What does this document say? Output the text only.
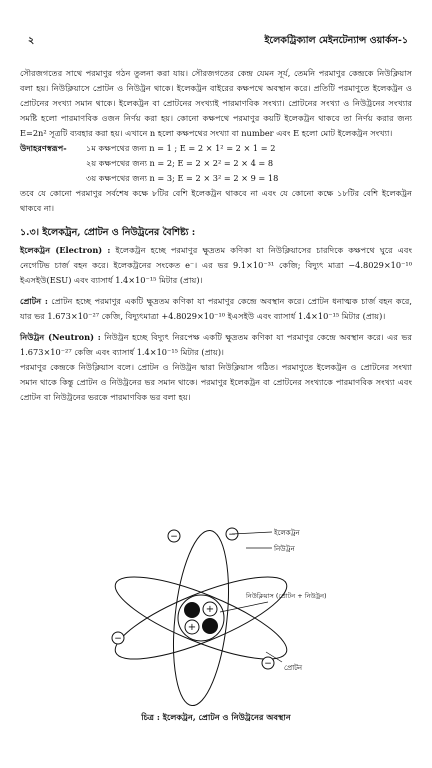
২	ইলেকট্রিক্যাল মেইনটেন্যান্স ওয়ার্কস-১

সৌরজগতের সাথে পরমাণুর গঠন তুলনা করা যায়। সৌরজগতের কেন্দ্র যেমন সূর্য, তেমনি পরমাণুর কেন্দ্রকে নিউক্লিয়াস বলা হয়। নিউক্লিয়াসে প্রোটন ও নিউট্রন থাকে। ইলেকট্রন বাইরের কক্ষপথে অবস্থান করে। প্রতিটি পরমাণুতে ইলেকট্রন ও প্রোটনের সংখ্যা সমান থাকে। ইলেকট্রন বা প্রোটনের সংখ্যাই পারমাণবিক সংখ্যা। প্রোটনের সংখ্যা ও নিউট্রনের সংখ্যার সমষ্টি হলো পারমাণবিক ওজন নির্ণয় করা হয়। কোনো কক্ষপথে পরমাণুর কয়টি ইলেকট্রন থাকবে তা নির্ণয় করার জন্য E=2n² সূত্রটি ব্যবহার করা হয়। এখানে n হলো কক্ষপথের সংখ্যা বা number এবং E হলো মোট ইলেকট্রন সংখ্যা।

উদাহরণস্বরূপ-	১ম কক্ষপথের জন্য n = 1 ; E = 2 × 1² = 2 × 1 = 2
২য় কক্ষপথের জন্য n = 2; E = 2 × 2² = 2 × 4 = 8
৩য় কক্ষপথের জন্য n = 3; E = 2 × 3² = 2 × 9 = 18

তবে যে কোনো পরমাণুর সর্বশেষ কক্ষে ৮টির বেশি ইলেকট্রন থাকবে না এবং যে কোনো কক্ষে ১৮টির বেশি ইলেকট্রন থাকবে না।

১.৩। ইলেকট্রন, প্রোটন ও নিউট্রনের বৈশিষ্ট্য :

ইলেকট্রন (Electron) : ইলেকট্রন হচ্ছে পরমাণুর ক্ষুদ্রতম কণিকা যা নিউক্লিয়াসের চারদিকে কক্ষপথে ঘুরে এবং নেগেটিভ চার্জ বহন করে। ইলেকট্রনের সংকেত e⁻। এর ভর 9.1×10⁻³¹ কেজি; বিদ্যুৎ মাত্রা −4.8029×10⁻¹⁰ ইএসইউ(ESU) এবং ব্যাসার্ধ 1.4×10⁻¹⁵ মিটার (প্রায়)।

প্রোটন : প্রোটন হচ্ছে পরমাণুর একটি ক্ষুদ্রতম কণিকা যা পরমাণুর কেন্দ্রে অবস্থান করে। প্রোটন ধনাত্মক চার্জ বহন করে, যার ভর 1.673×10⁻²⁷ কেজি, বিদ্যুৎমাত্রা +4.8029×10⁻¹⁰ ইএসইউ এবং ব্যাসার্ধ 1.4×10⁻¹⁵ মিটার (প্রায়)।

নিউট্রন (Neutron) : নিউট্রন হচ্ছে বিদ্যুৎ নিরপেক্ষ একটি ক্ষুদ্রতম কণিকা যা পরমাণুর কেন্দ্রে অবস্থান করে। এর ভর 1.673×10⁻²⁷ কেজি এবং ব্যাসার্ধ 1.4×10⁻¹⁵ মিটার (প্রায়)।

পরমাণুর কেন্দ্রকে নিউক্লিয়াস বলে। প্রোটন ও নিউট্রন দ্বারা নিউক্লিয়াস গঠিত। পরমাণুতে ইলেকট্রন ও প্রোটনের সংখ্যা সমান থাকে কিন্তু প্রোটন ও নিউট্রনের ভর সমান থাকে। পরমাণুর ইলেকট্রন বা প্রোটনের সংখ্যাকে পারমাণবিক সংখ্যা এবং প্রোটন বা নিউট্রনের ভরকে পারমাণবিক ভর বলা হয়।

+
+
−	−
−
−
ইলেকট্রন
নিউট্রন
নিউক্লিয়াস (প্রোটন + নিউট্রন)
প্রোটন
চিত্র : ইলেকট্রন, প্রোটন ও নিউট্রনের অবস্থান
